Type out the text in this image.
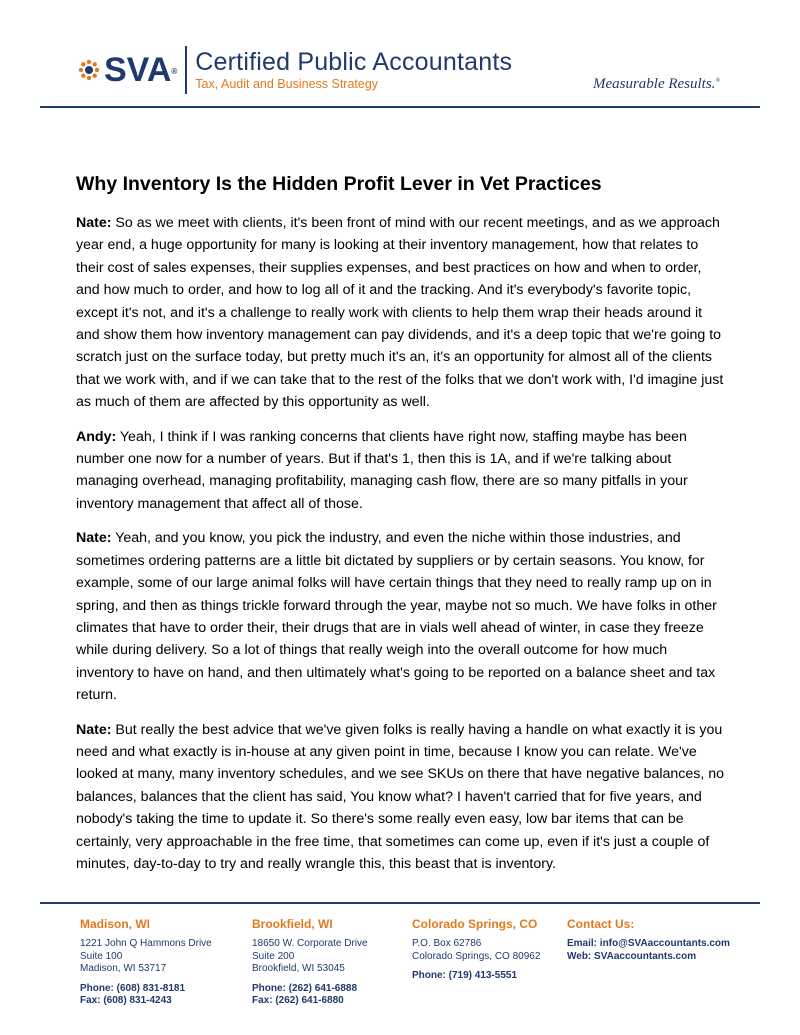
SVA® Certified Public Accountants
Tax, Audit and Business Strategy	Measurable Results.®
Why Inventory Is the Hidden Profit Lever in Vet Practices

Nate: So as we meet with clients, it's been front of mind with our recent meetings, and as we approach year end, a huge opportunity for many is looking at their inventory management, how that relates to their cost of sales expenses, their supplies expenses, and best practices on how and when to order, and how much to order, and how to log all of it and the tracking. And it's everybody's favorite topic, except it's not, and it's a challenge to really work with clients to help them wrap their heads around it and show them how inventory management can pay dividends, and it's a deep topic that we're going to scratch just on the surface today, but pretty much it's an, it's an opportunity for almost all of the clients that we work with, and if we can take that to the rest of the folks that we don't work with, I'd imagine just as much of them are affected by this opportunity as well.

Andy: Yeah, I think if I was ranking concerns that clients have right now, staffing maybe has been number one now for a number of years. But if that's 1, then this is 1A, and if we're talking about managing overhead, managing profitability, managing cash flow, there are so many pitfalls in your inventory management that affect all of those.

Nate: Yeah, and you know, you pick the industry, and even the niche within those industries, and sometimes ordering patterns are a little bit dictated by suppliers or by certain seasons. You know, for example, some of our large animal folks will have certain things that they need to really ramp up on in spring, and then as things trickle forward through the year, maybe not so much. We have folks in other climates that have to order their, their drugs that are in vials well ahead of winter, in case they freeze while during delivery. So a lot of things that really weigh into the overall outcome for how much inventory to have on hand, and then ultimately what's going to be reported on a balance sheet and tax return.

Nate: But really the best advice that we've given folks is really having a handle on what exactly it is you need and what exactly is in-house at any given point in time, because I know you can relate. We've looked at many, many inventory schedules, and we see SKUs on there that have negative balances, no balances, balances that the client has said, You know what? I haven't carried that for five years, and nobody's taking the time to update it. So there's some really even easy, low bar items that can be certainly, very approachable in the free time, that sometimes can come up, even if it's just a couple of minutes, day-to-day to try and really wrangle this, this beast that is inventory.

Madison, WI
1221 John Q Hammons Drive
Suite 100
Madison, WI 53717
Phone: (608) 831-8181
Fax: (608) 831-4243
Brookfield, WI
18650 W. Corporate Drive
Suite 200
Brookfield, WI 53045
Phone: (262) 641-6888
Fax: (262) 641-6880
Colorado Springs, CO
P.O. Box 62786
Colorado Springs, CO 80962
Phone: (719) 413-5551
Contact Us:
Email: info@SVAaccountants.com
Web: SVAaccountants.com
